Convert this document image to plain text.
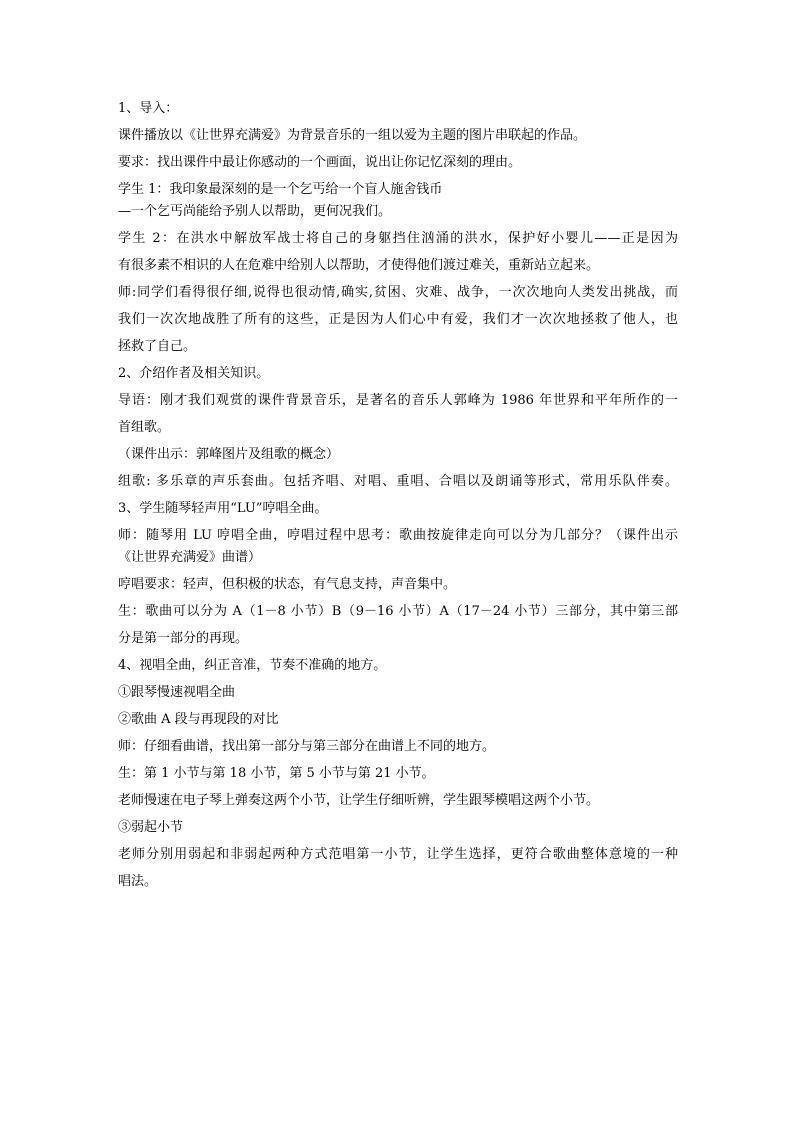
1、导入：
课件播放以《让世界充满爱》为背景音乐的一组以爱为主题的图片串联起的作品。
要求：找出课件中最让你感动的一个画面，说出让你记忆深刻的理由。
学生 1：我印象最深刻的是一个乞丐给一个盲人施舍钱币
—一个乞丐尚能给予别人以帮助，更何况我们。
学生 2：在洪水中解放军战士将自己的身躯挡住汹涌的洪水，保护好小婴儿——正是因为
有很多素不相识的人在危难中给别人以帮助，才使得他们渡过难关，重新站立起来。
师:同学们看得很仔细,说得也很动情,确实,贫困、灾难、战争，一次次地向人类发出挑战，而
我们一次次地战胜了所有的这些，正是因为人们心中有爱，我们才一次次地拯救了他人，也
拯救了自己。
2、介绍作者及相关知识。
导语：刚才我们观赏的课件背景音乐，是著名的音乐人郭峰为 1986 年世界和平年所作的一
首组歌。
（课件出示：郭峰图片及组歌的概念）
组歌: 多乐章的声乐套曲。包括齐唱、对唱、重唱、合唱以及朗诵等形式，常用乐队伴奏。
3、学生随琴轻声用“LU”哼唱全曲。
师：随琴用 LU 哼唱全曲，哼唱过程中思考：歌曲按旋律走向可以分为几部分？（课件出示
《让世界充满爱》曲谱）
哼唱要求：轻声，但积极的状态，有气息支持，声音集中。
生：歌曲可以分为 A（1－8 小节）B（9－16 小节）A（17－24 小节）三部分，其中第三部
分是第一部分的再现。
4、视唱全曲，纠正音准，节奏不准确的地方。
①跟琴慢速视唱全曲
②歌曲 A 段与再现段的对比
师：仔细看曲谱，找出第一部分与第三部分在曲谱上不同的地方。
生：第 1 小节与第 18 小节，第 5 小节与第 21 小节。
老师慢速在电子琴上弹奏这两个小节，让学生仔细听辨，学生跟琴模唱这两个小节。
③弱起小节
老师分别用弱起和非弱起两种方式范唱第一小节，让学生选择，更符合歌曲整体意境的一种
唱法。
